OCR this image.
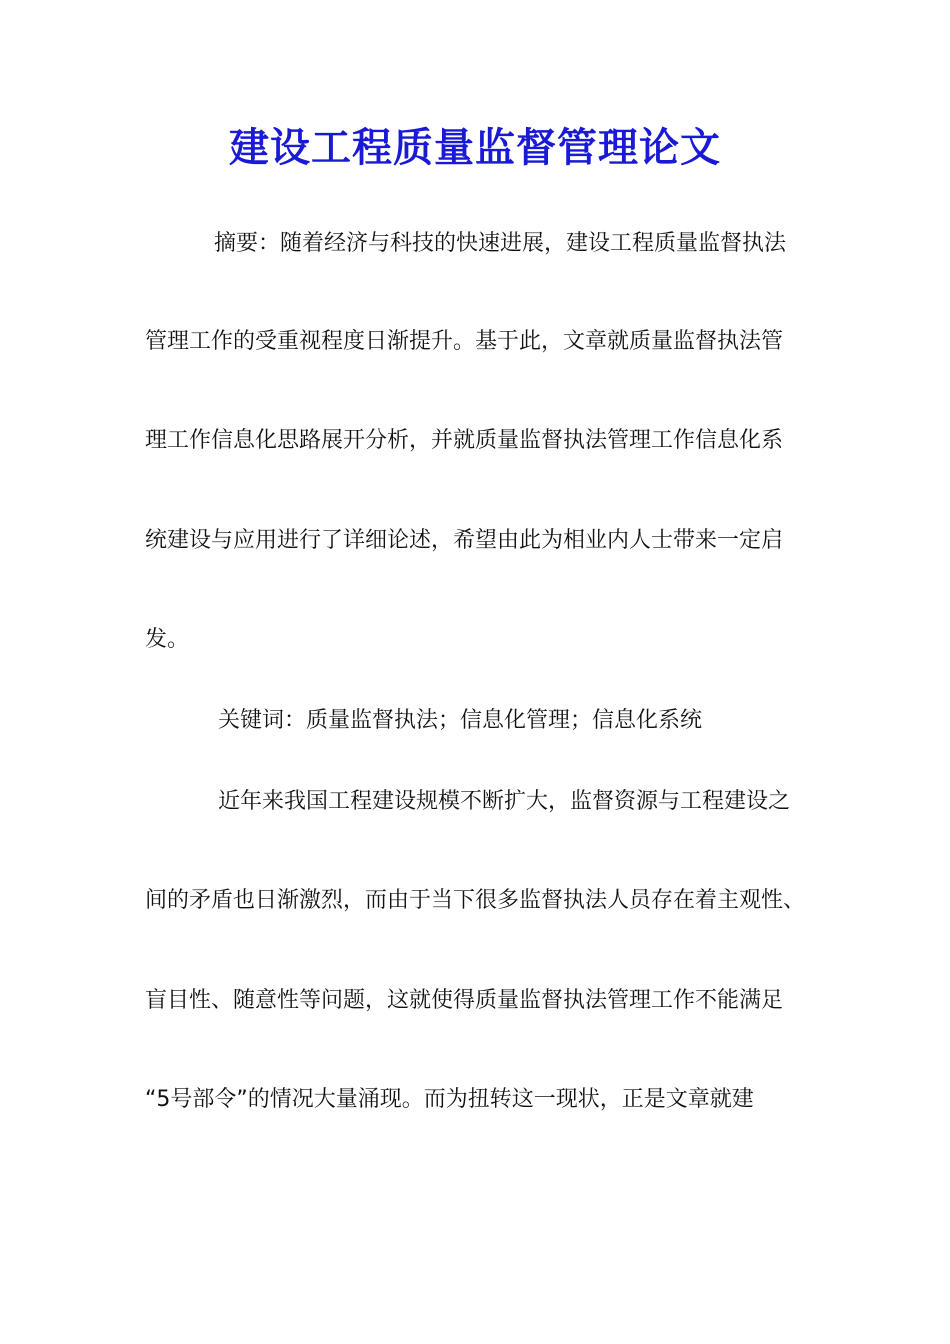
建设工程质量监督管理论文
摘要：随着经济与科技的快速进展，建设工程质量监督执法
管理工作的受重视程度日渐提升。基于此，文章就质量监督执法管
理工作信息化思路展开分析，并就质量监督执法管理工作信息化系
统建设与应用进行了详细论述，希望由此为相业内人士带来一定启
发。
关键词：质量监督执法；信息化管理；信息化系统
近年来我国工程建设规模不断扩大，监督资源与工程建设之
间的矛盾也日渐激烈，而由于当下很多监督执法人员存在着主观性、
盲目性、随意性等问题，这就使得质量监督执法管理工作不能满足
“5号部令”的情况大量涌现。而为扭转这一现状，正是文章就建
